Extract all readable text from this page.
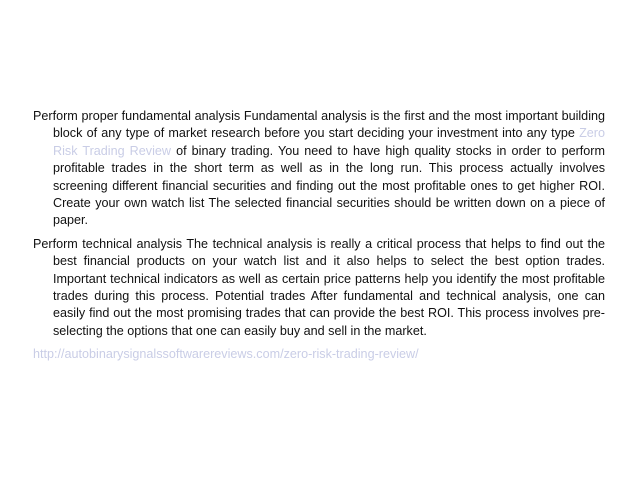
Perform proper fundamental analysis Fundamental analysis is the first and the most important building block of any type of market research before you start deciding your investment into any type Zero Risk Trading Review of binary trading. You need to have high quality stocks in order to perform profitable trades in the short term as well as in the long run. This process actually involves screening different financial securities and finding out the most profitable ones to get higher ROI. Create your own watch list The selected financial securities should be written down on a piece of paper.

Perform technical analysis The technical analysis is really a critical process that helps to find out the best financial products on your watch list and it also helps to select the best option trades. Important technical indicators as well as certain price patterns help you identify the most profitable trades during this process. Potential trades After fundamental and technical analysis, one can easily find out the most promising trades that can provide the best ROI. This process involves pre-selecting the options that one can easily buy and sell in the market.

http://autobinarysignalssoftwarereviews.com/zero-risk-trading-review/
